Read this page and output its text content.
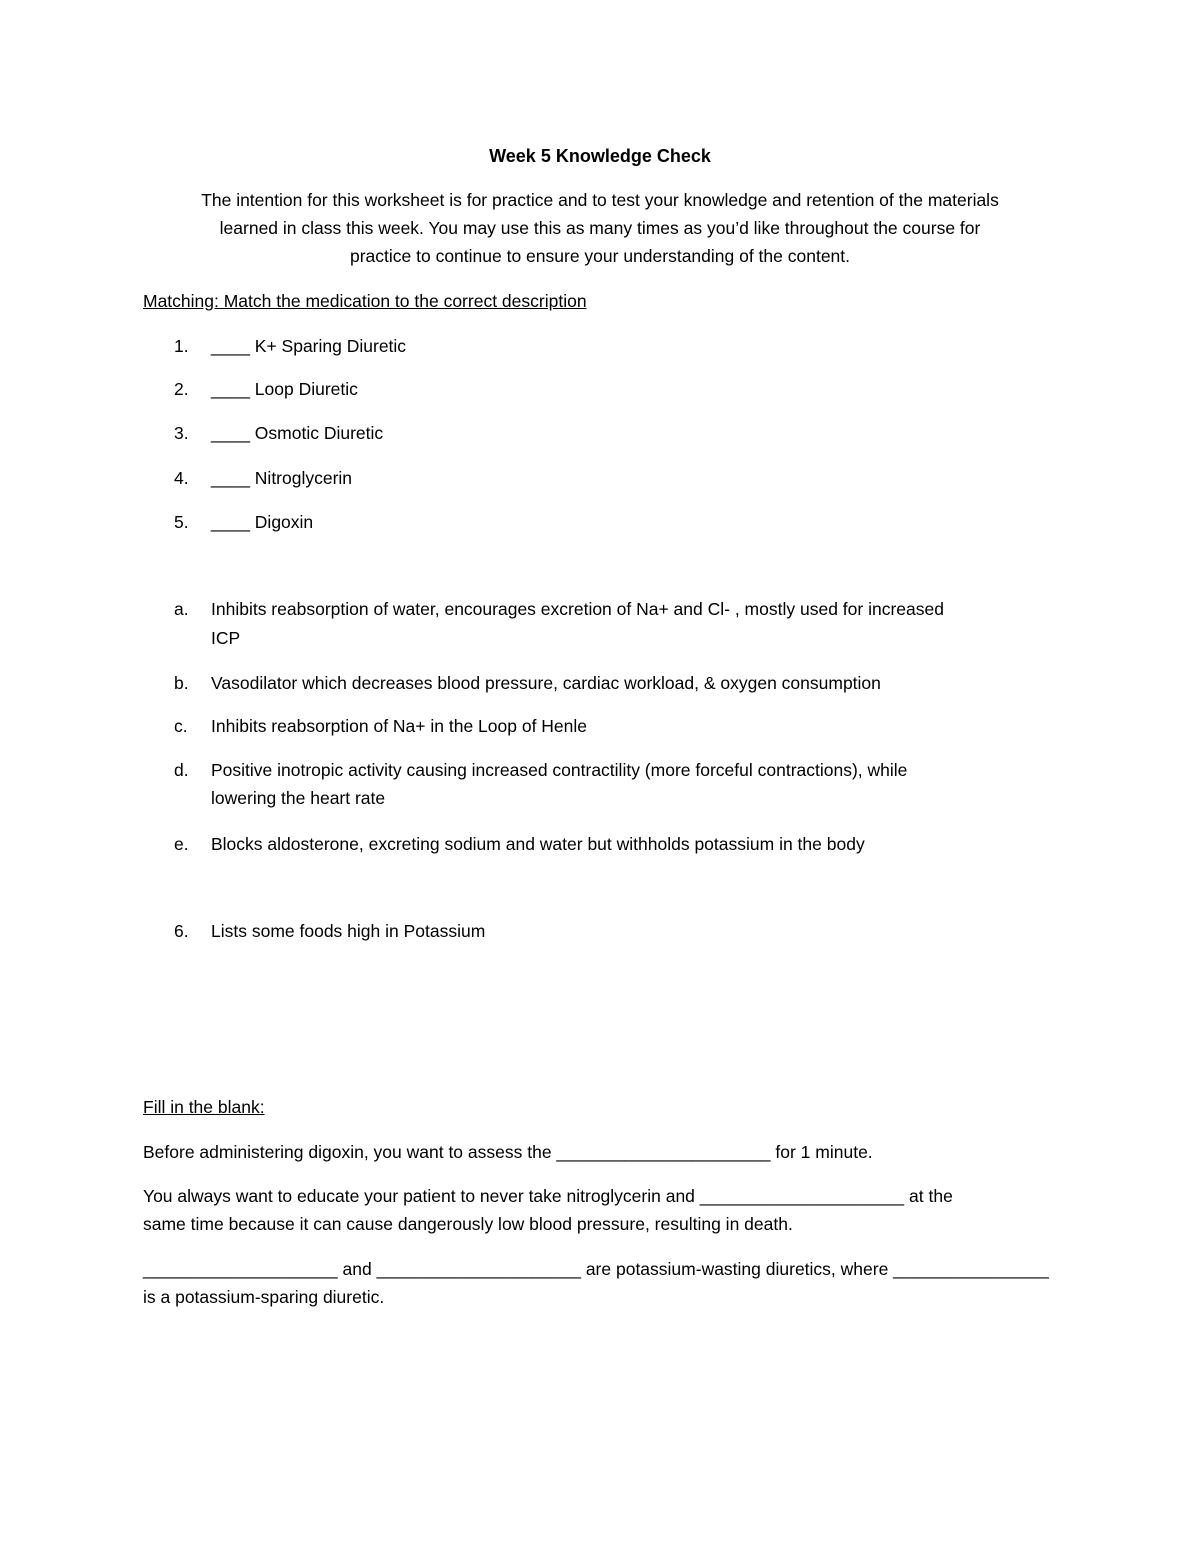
Week 5 Knowledge Check
The intention for this worksheet is for practice and to test your knowledge and retention of the materials
learned in class this week. You may use this as many times as you’d like throughout the course for
practice to continue to ensure your understanding of the content.
Matching: Match the medication to the correct description
1.	____ K+ Sparing Diuretic
2.	____ Loop Diuretic
3.	____ Osmotic Diuretic
4.	____ Nitroglycerin
5.	____ Digoxin
a.	Inhibits reabsorption of water, encourages excretion of Na+ and Cl- , mostly used for increased
ICP
b.	Vasodilator which decreases blood pressure, cardiac workload, & oxygen consumption
c.	Inhibits reabsorption of Na+ in the Loop of Henle
d.	Positive inotropic activity causing increased contractility (more forceful contractions), while
lowering the heart rate
e.	Blocks aldosterone, excreting sodium and water but withholds potassium in the body
6.	Lists some foods high in Potassium
Fill in the blank:
Before administering digoxin, you want to assess the ______________________ for 1 minute.
You always want to educate your patient to never take nitroglycerin and _____________________ at the
same time because it can cause dangerously low blood pressure, resulting in death.
____________________ and _____________________ are potassium-wasting diuretics, where ________________
is a potassium-sparing diuretic.
